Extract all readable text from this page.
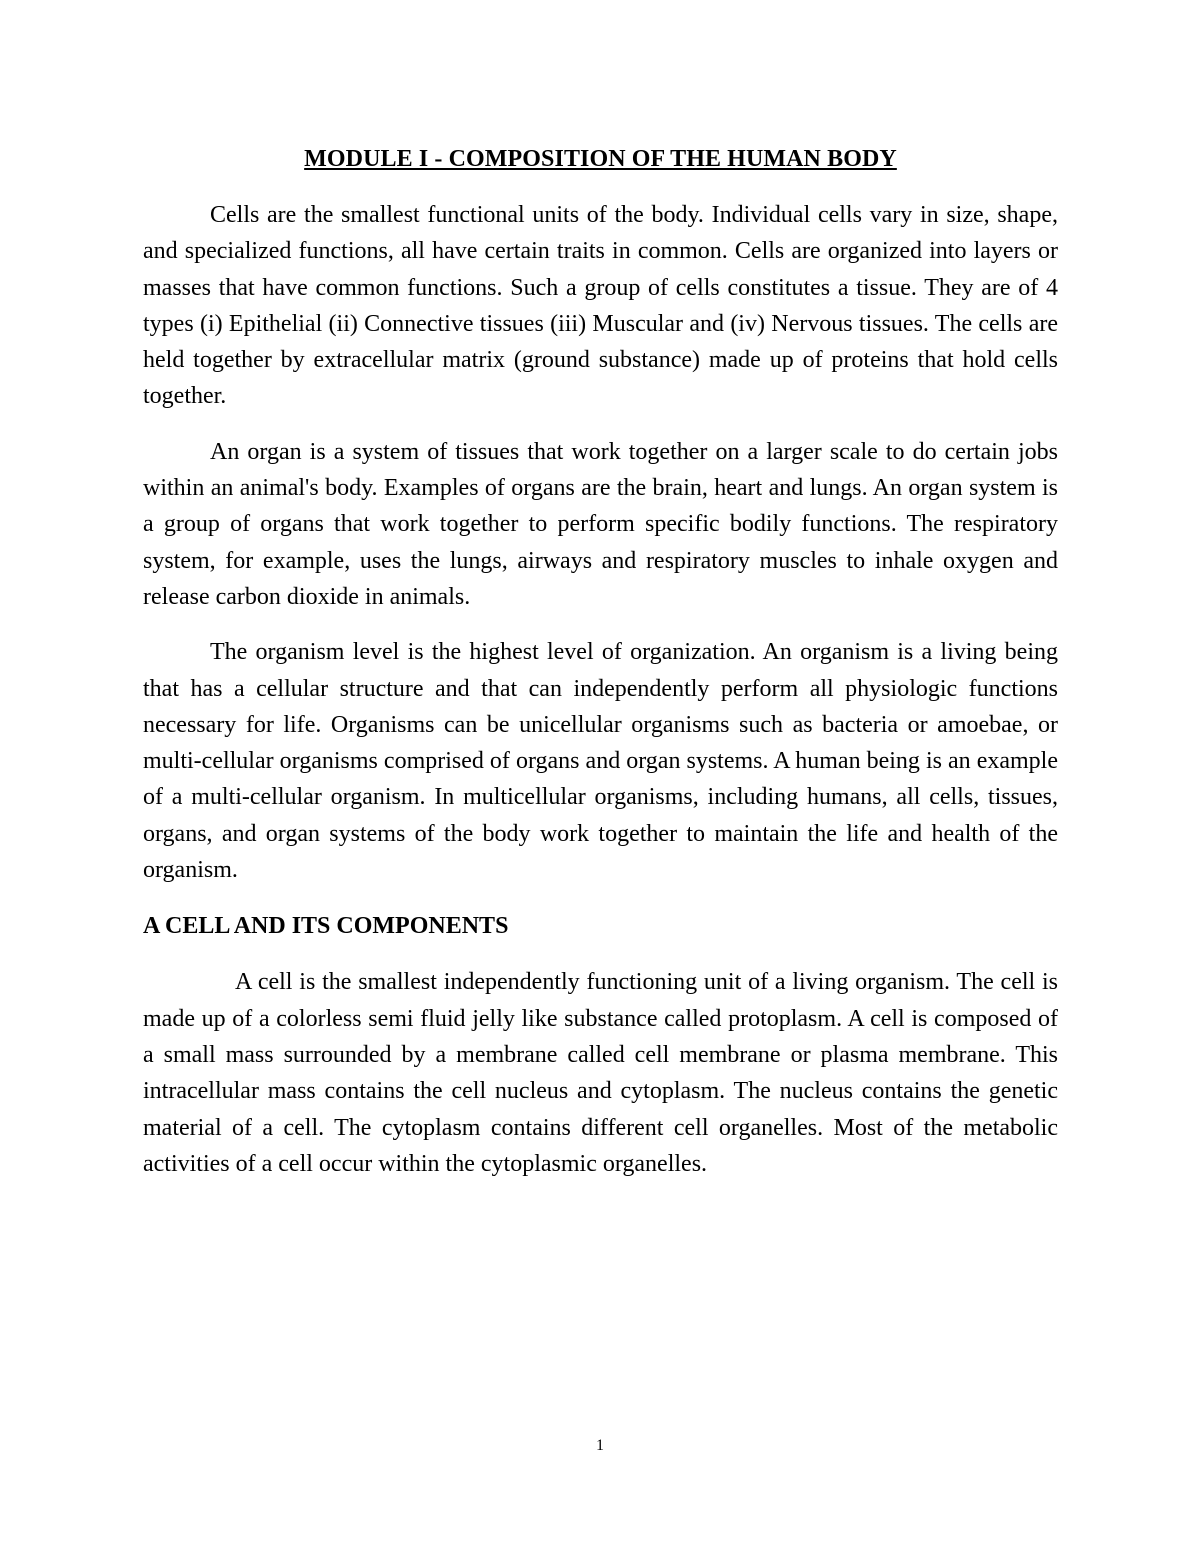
MODULE I - COMPOSITION OF THE HUMAN BODY

Cells are the smallest functional units of the body. Individual cells vary in size, shape, and specialized functions, all have certain traits in common. Cells are organized into layers or masses that have common functions. Such a group of cells constitutes a tissue. They are of 4 types (i) Epithelial (ii) Connective tissues (iii) Muscular and (iv) Nervous tissues. The cells are held together by extracellular matrix (ground substance) made up of proteins that hold cells together.

An organ is a system of tissues that work together on a larger scale to do certain jobs within an animal's body. Examples of organs are the brain, heart and lungs. An organ system is a group of organs that work together to perform specific bodily functions. The respiratory system, for example, uses the lungs, airways and respiratory muscles to inhale oxygen and release carbon dioxide in animals.

The organism level is the highest level of organization. An organism is a living being that has a cellular structure and that can independently perform all physiologic functions necessary for life. Organisms can be unicellular organisms such as bacteria or amoebae, or multi-cellular organisms comprised of organs and organ systems. A human being is an example of a multi-cellular organism. In multicellular organisms, including humans, all cells, tissues, organs, and organ systems of the body work together to maintain the life and health of the organism.

A CELL AND ITS COMPONENTS

A cell is the smallest independently functioning unit of a living organism. The cell is made up of a colorless semi fluid jelly like substance called protoplasm. A cell is composed of a small mass surrounded by a membrane called cell membrane or plasma membrane. This intracellular mass contains the cell nucleus and cytoplasm. The nucleus contains the genetic material of a cell. The cytoplasm contains different cell organelles. Most of the metabolic activities of a cell occur within the cytoplasmic organelles.

1
